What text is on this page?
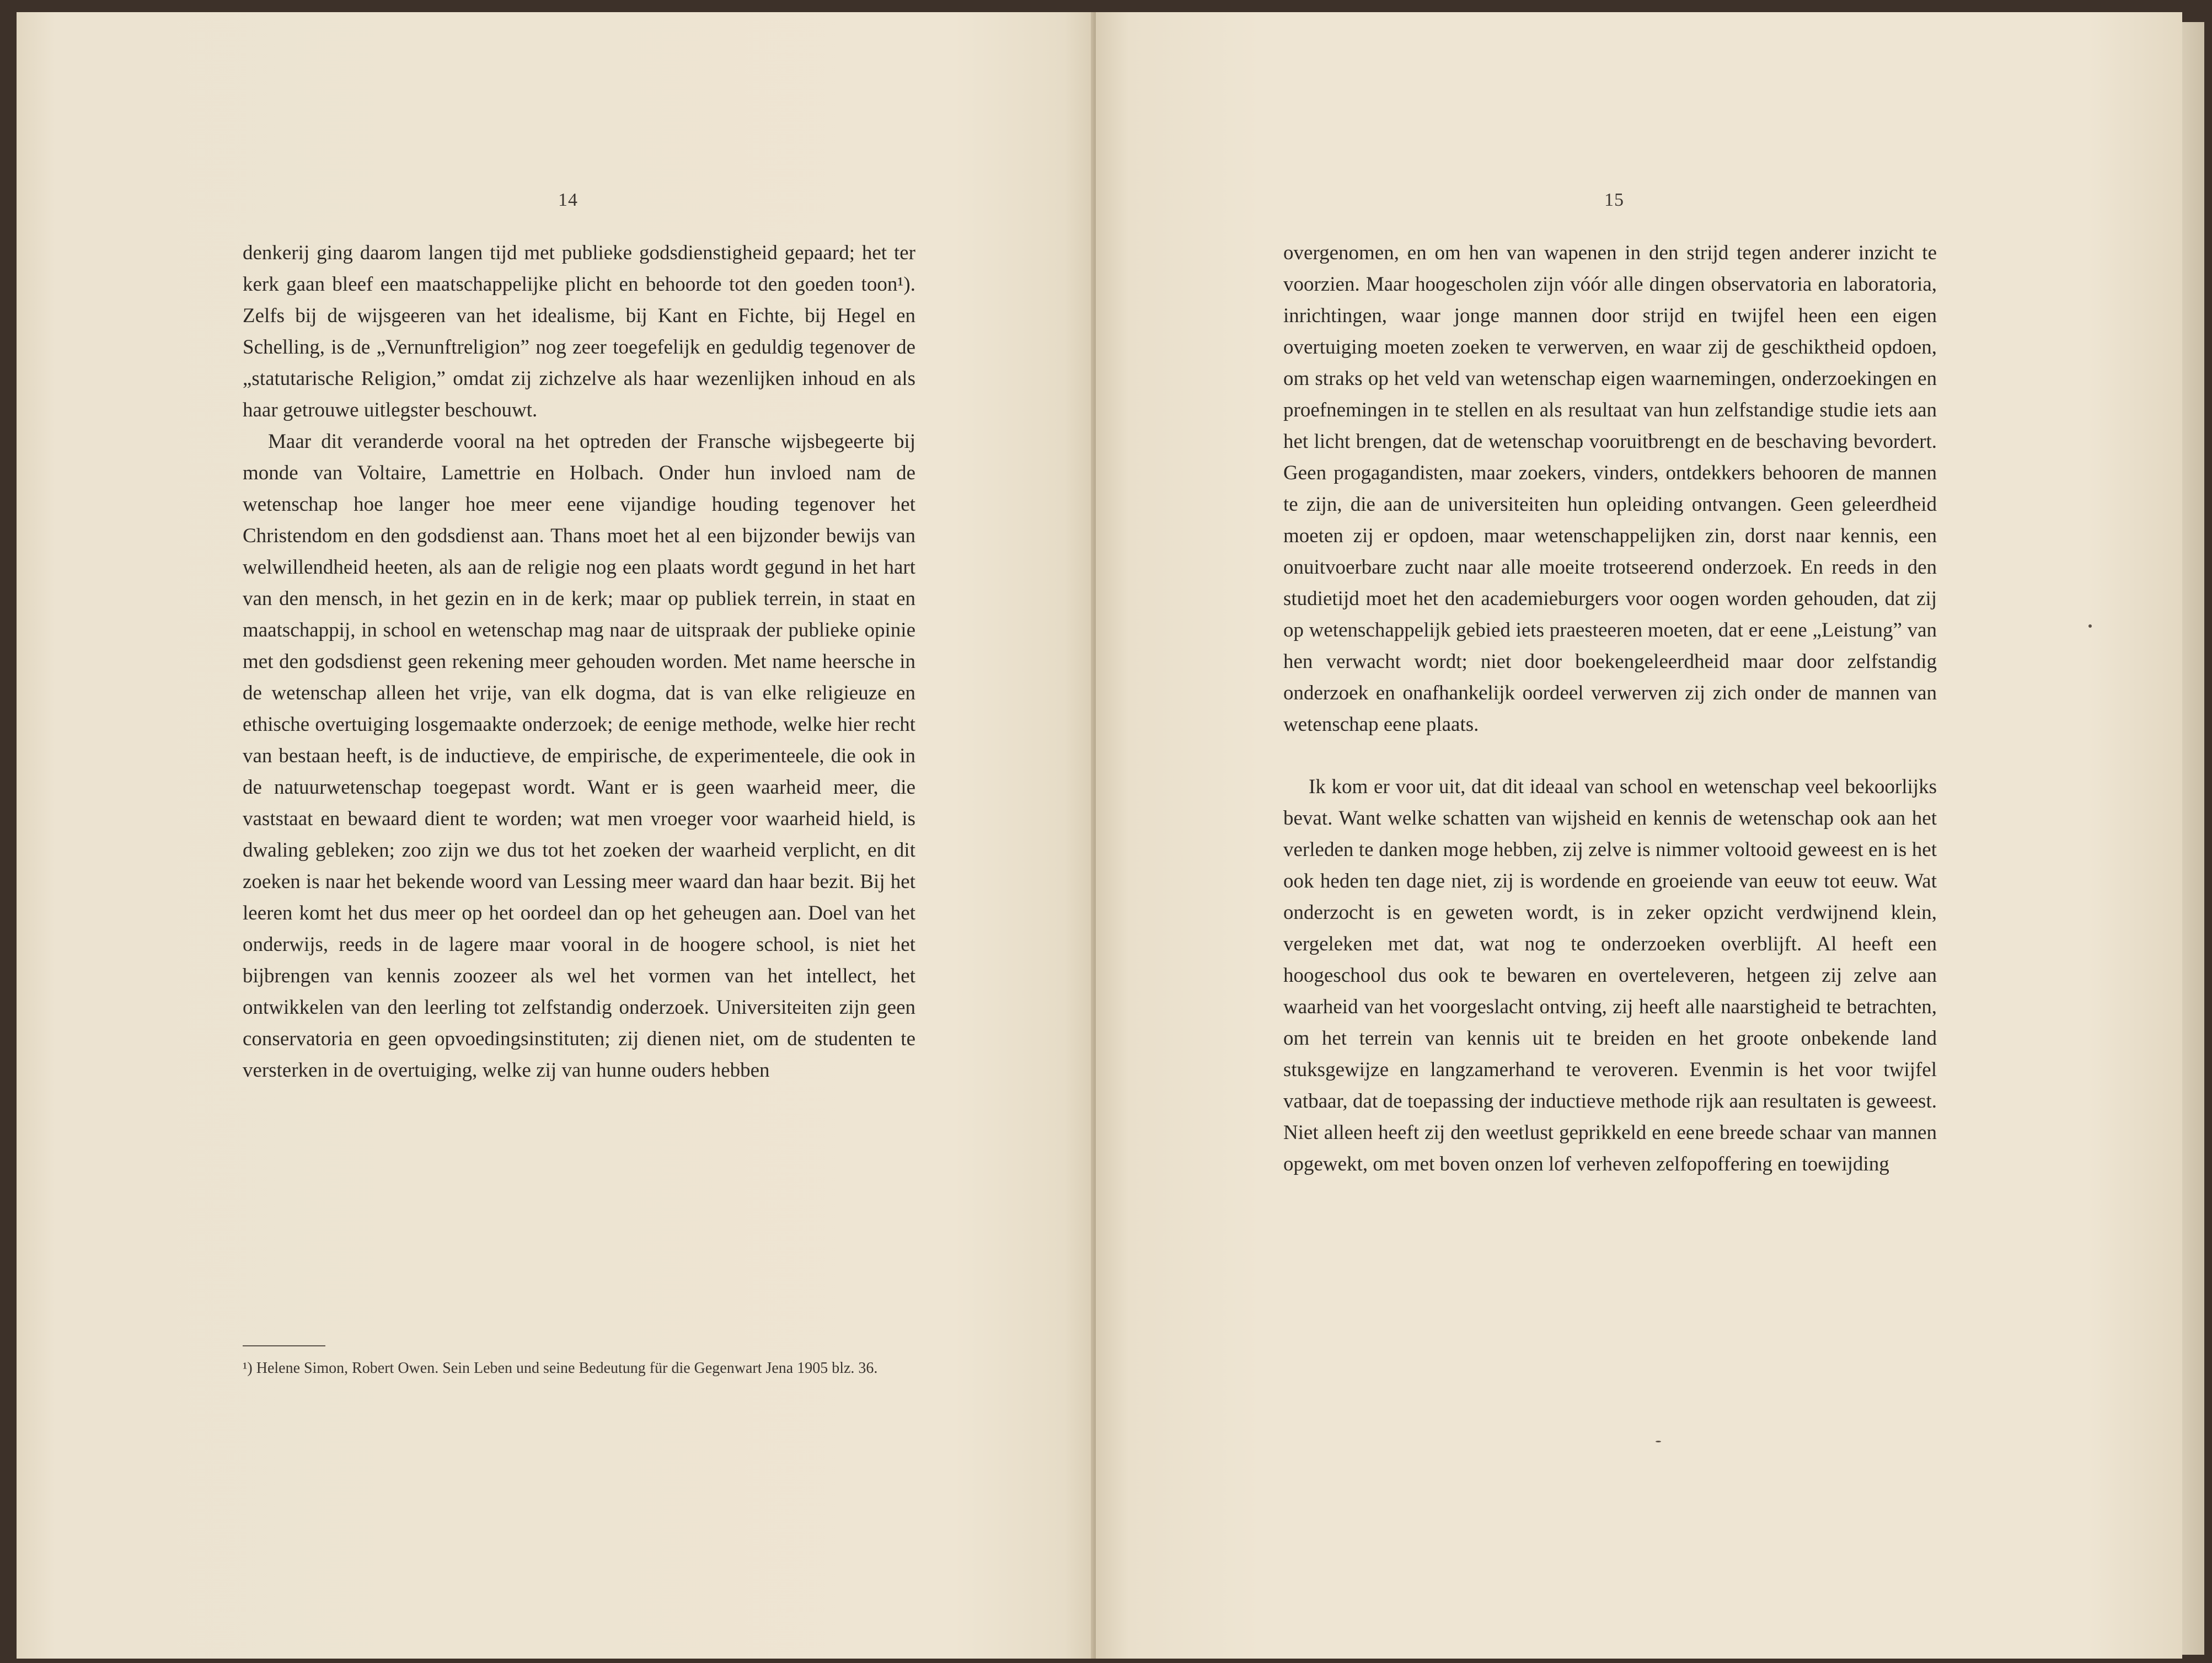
14

denkerij ging daarom langen tijd met publieke godsdienstigheid gepaard; het ter kerk gaan bleef een maatschappelijke plicht en behoorde tot den goeden toon¹). Zelfs bij de wijsgeeren van het idealisme, bij Kant en Fichte, bij Hegel en Schelling, is de „Vernunftreligion” nog zeer toegefelijk en geduldig tegenover de „statutarische Religion,” omdat zij zichzelve als haar wezenlijken inhoud en als haar getrouwe uitlegster beschouwt.

Maar dit veranderde vooral na het optreden der Fransche wijsbegeerte bij monde van Voltaire, Lamettrie en Holbach. Onder hun invloed nam de wetenschap hoe langer hoe meer eene vijandige houding tegenover het Christendom en den godsdienst aan. Thans moet het al een bijzonder bewijs van welwillendheid heeten, als aan de religie nog een plaats wordt gegund in het hart van den mensch, in het gezin en in de kerk; maar op publiek terrein, in staat en maatschappij, in school en wetenschap mag naar de uitspraak der publieke opinie met den godsdienst geen rekening meer gehouden worden. Met name heersche in de wetenschap alleen het vrije, van elk dogma, dat is van elke religieuze en ethische overtuiging losgemaakte onderzoek; de eenige methode, welke hier recht van bestaan heeft, is de inductieve, de empirische, de experimenteele, die ook in de natuurwetenschap toegepast wordt. Want er is geen waarheid meer, die vaststaat en bewaard dient te worden; wat men vroeger voor waarheid hield, is dwaling gebleken; zoo zijn we dus tot het zoeken der waarheid verplicht, en dit zoeken is naar het bekende woord van Lessing meer waard dan haar bezit. Bij het leeren komt het dus meer op het oordeel dan op het geheugen aan. Doel van het onderwijs, reeds in de lagere maar vooral in de hoogere school, is niet het bijbrengen van kennis zoozeer als wel het vormen van het intellect, het ontwikkelen van den leerling tot zelfstandig onderzoek. Universiteiten zijn geen conservatoria en geen opvoedingsinstituten; zij dienen niet, om de studenten te versterken in de overtuiging, welke zij van hunne ouders hebben

¹) Helene Simon, Robert Owen. Sein Leben und seine Bedeutung für die Gegenwart Jena 1905 blz. 36.
15

overgenomen, en om hen van wapenen in den strijd tegen anderer inzicht te voorzien. Maar hoogescholen zijn vóór alle dingen observatoria en laboratoria, inrichtingen, waar jonge mannen door strijd en twijfel heen een eigen overtuiging moeten zoeken te verwerven, en waar zij de geschiktheid opdoen, om straks op het veld van wetenschap eigen waarnemingen, onderzoekingen en proefnemingen in te stellen en als resultaat van hun zelfstandige studie iets aan het licht brengen, dat de wetenschap vooruitbrengt en de beschaving bevordert. Geen progagandisten, maar zoekers, vinders, ontdekkers behooren de mannen te zijn, die aan de universiteiten hun opleiding ontvangen. Geen geleerdheid moeten zij er opdoen, maar wetenschappelijken zin, dorst naar kennis, een onuitvoerbare zucht naar alle moeite trotseerend onderzoek. En reeds in den studietijd moet het den academieburgers voor oogen worden gehouden, dat zij op wetenschappelijk gebied iets praesteeren moeten, dat er eene „Leistung” van hen verwacht wordt; niet door boekengeleerdheid maar door zelfstandig onderzoek en onafhankelijk oordeel verwerven zij zich onder de mannen van wetenschap eene plaats.

Ik kom er voor uit, dat dit ideaal van school en wetenschap veel bekoorlijks bevat. Want welke schatten van wijsheid en kennis de wetenschap ook aan het verleden te danken moge hebben, zij zelve is nimmer voltooid geweest en is het ook heden ten dage niet, zij is wordende en groeiende van eeuw tot eeuw. Wat onderzocht is en geweten wordt, is in zeker opzicht verdwijnend klein, vergeleken met dat, wat nog te onderzoeken overblijft. Al heeft een hoogeschool dus ook te bewaren en overteleveren, hetgeen zij zelve aan waarheid van het voorgeslacht ontving, zij heeft alle naarstigheid te betrachten, om het terrein van kennis uit te breiden en het groote onbekende land stuksgewijze en langzamerhand te veroveren. Evenmin is het voor twijfel vatbaar, dat de toepassing der inductieve methode rijk aan resultaten is geweest. Niet alleen heeft zij den weetlust geprikkeld en eene breede schaar van mannen opgewekt, om met boven onzen lof verheven zelfopoffering en toewijding
